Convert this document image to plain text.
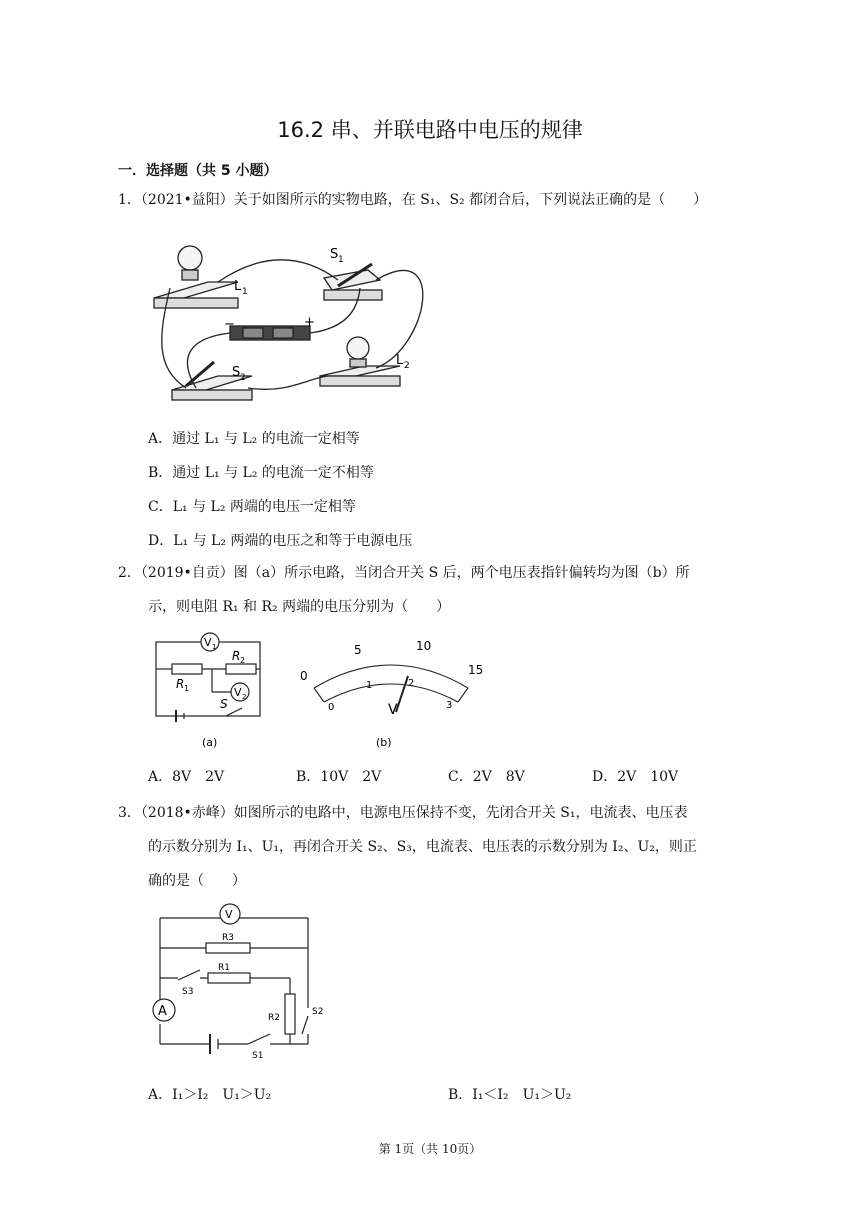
16.2 串、并联电路中电压的规律
一．选择题（共 5 小题）
1．（2021•益阳）关于如图所示的实物电路，在 S₁、S₂ 都闭合后，下列说法正确的是（　　）
L 1
S 1
S 2
L 2
−	+
A．通过 L₁ 与 L₂ 的电流一定相等
B．通过 L₁ 与 L₂ 的电流一定不相等
C．L₁ 与 L₂ 两端的电压一定相等
D．L₁ 与 L₂ 两端的电压之和等于电源电压
2．（2019•自贡）图（a）所示电路，当闭合开关 S 后，两个电压表指针偏转均为图（b）所
示，则电阻 R₁ 和 R₂ 两端的电压分别为（　　）
V 1
V 2
R 1
R 2
S
(a)
0
5	10
15
0
1	2
3
V
(b)
A．8V　2V	B．10V　2V	C．2V　8V	D．2V　10V
3．（2018•赤峰）如图所示的电路中，电源电压保持不变，先闭合开关 S₁，电流表、电压表
的示数分别为 I₁、U₁，再闭合开关 S₂、S₃，电流表、电压表的示数分别为 I₂、U₂，则正
确的是（　　）
V
A
R3
R1
R2
S3
S2
S1
A．I₁＞I₂　U₁＞U₂	B．I₁＜I₂　U₁＞U₂
第 1页（共 10页）
